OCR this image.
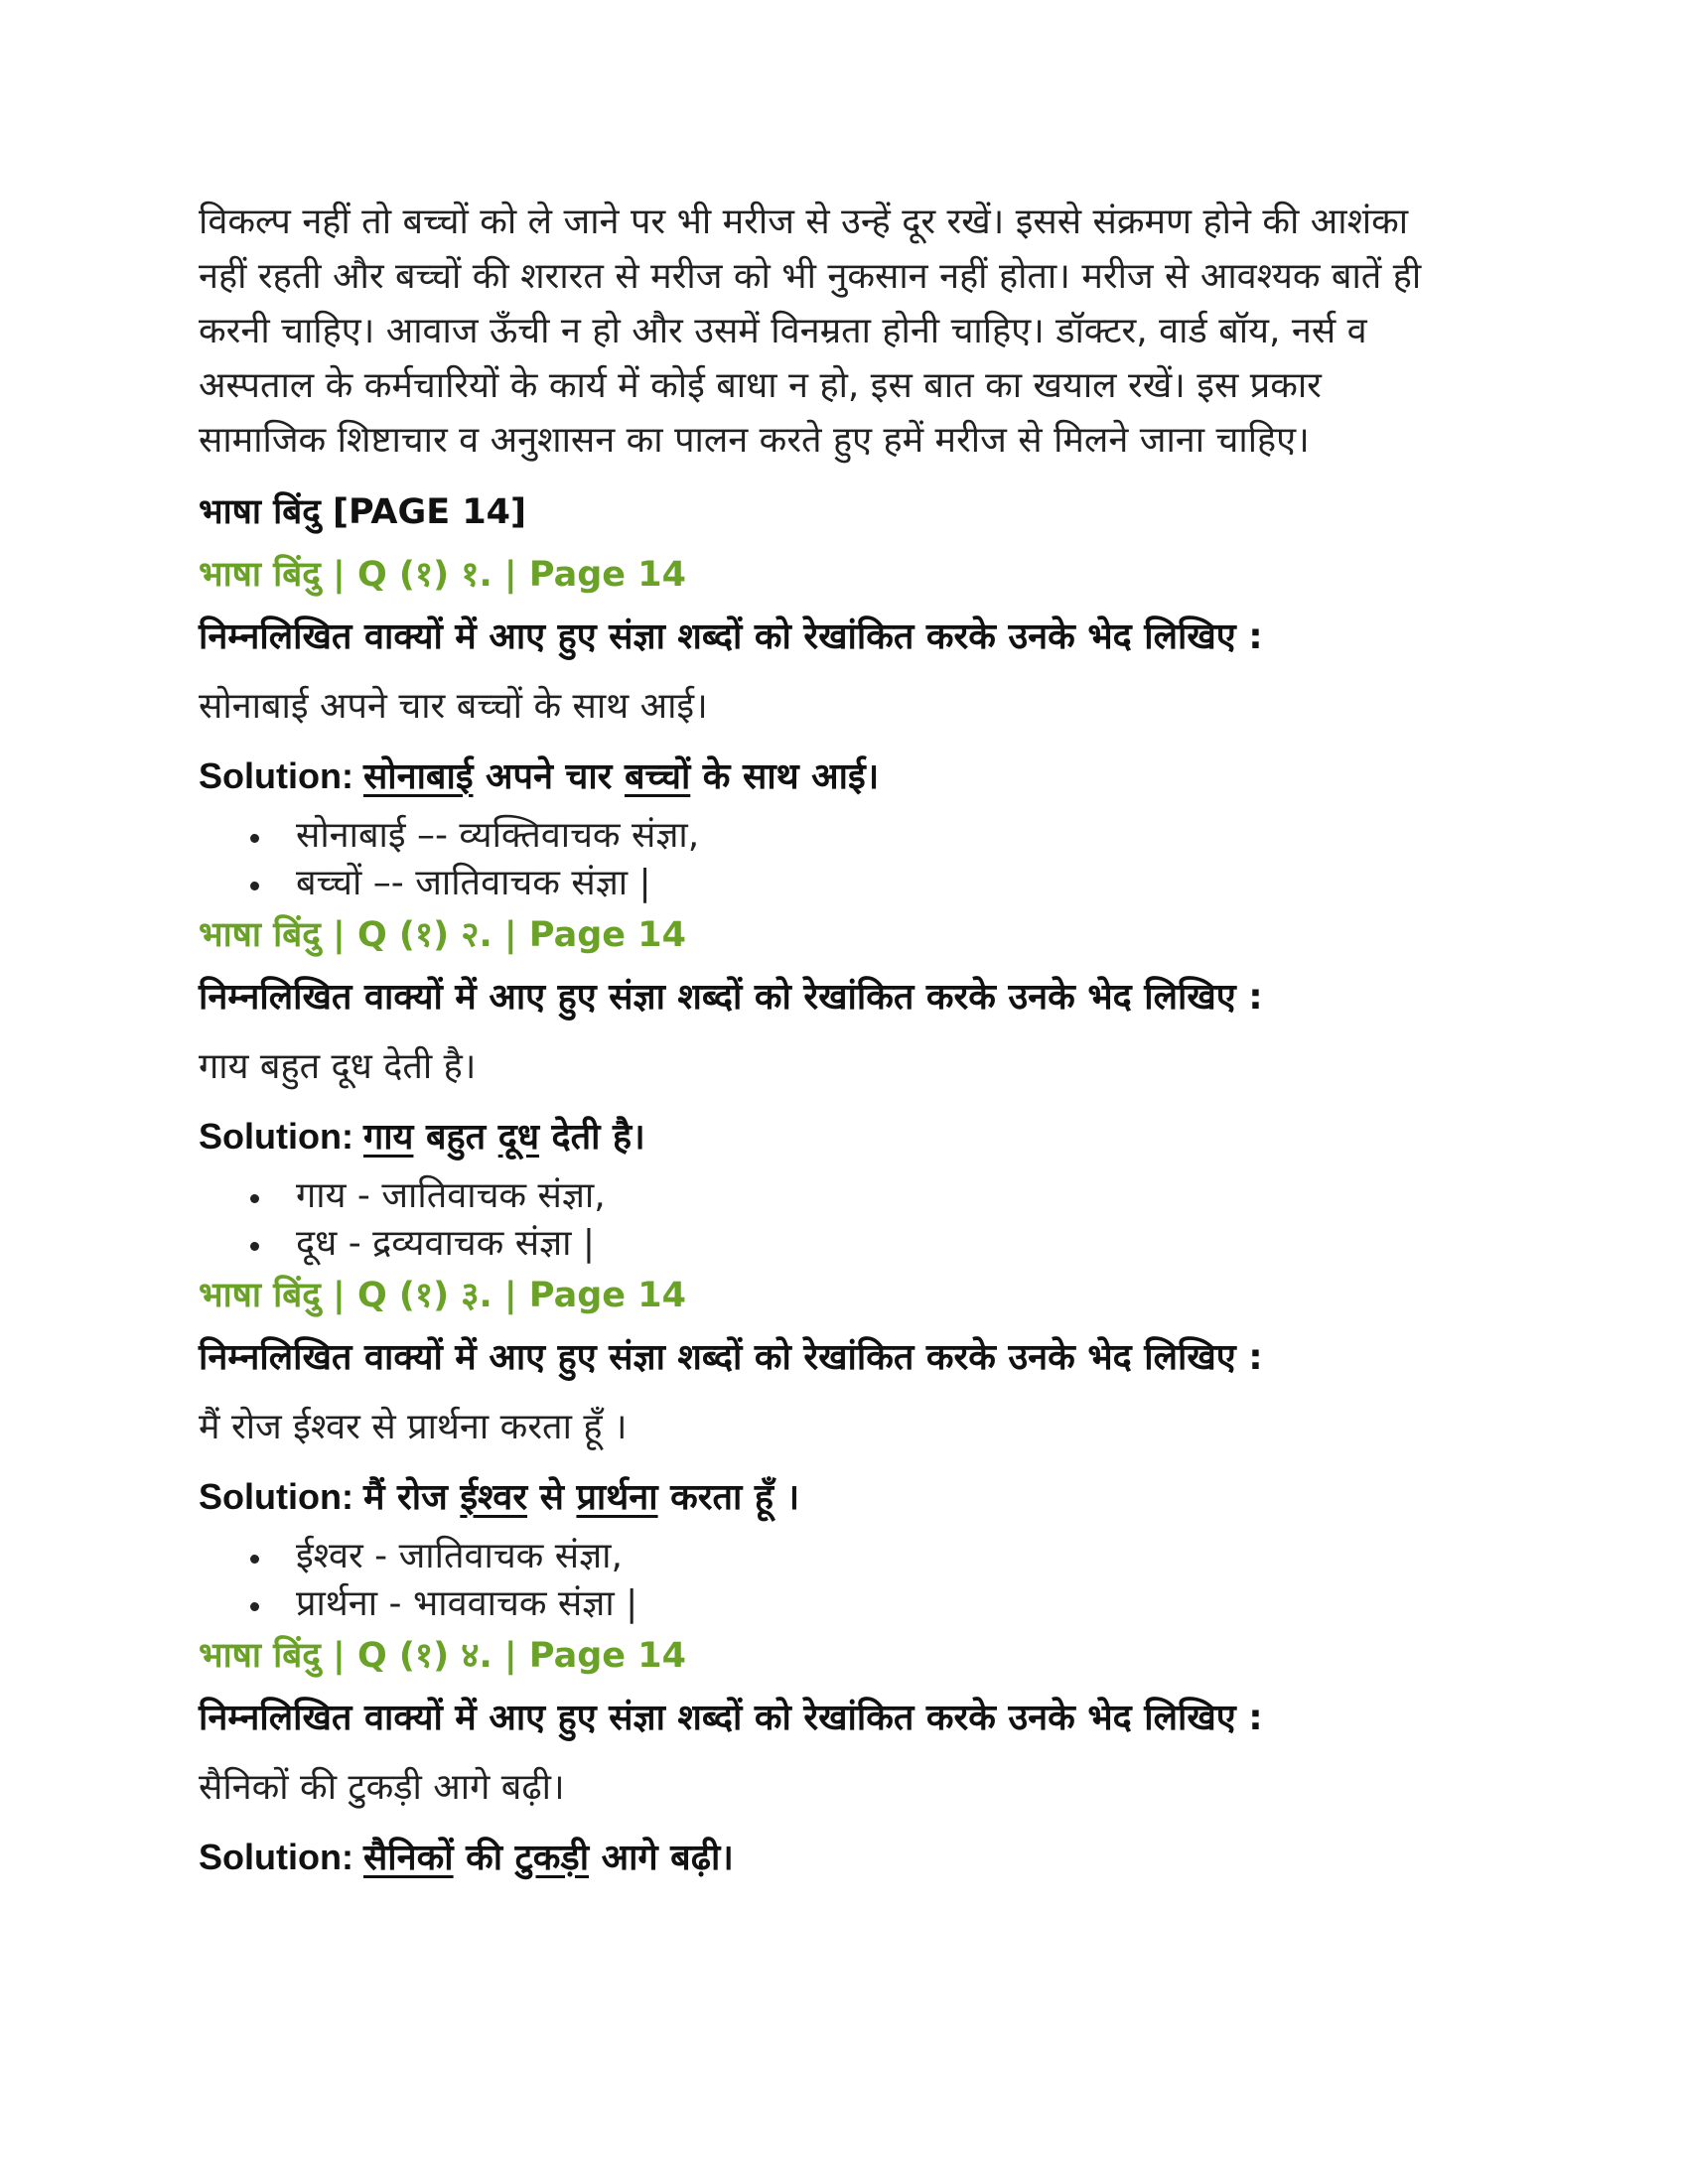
विकल्प नहीं तो बच्चों को ले जाने पर भी मरीज से उन्हें दूर रखें। इससे संक्रमण होने की आशंका

नहीं रहती और बच्चों की शरारत से मरीज को भी नुकसान नहीं होता। मरीज से आवश्यक बातें ही

करनी चाहिए। आवाज ऊँची न हो और उसमें विनम्रता होनी चाहिए। डॉक्टर, वार्ड बॉय, नर्स व

अस्पताल के कर्मचारियों के कार्य में कोई बाधा न हो, इस बात का खयाल रखें। इस प्रकार

सामाजिक शिष्टाचार व अनुशासन का पालन करते हुए हमें मरीज से मिलने जाना चाहिए।

भाषा बिंदु [PAGE 14]

भाषा बिंदु | Q (१) १. | Page 14

निम्नलिखित वाक्यों में आए हुए संज्ञा शब्दों को रेखांकित करके उनके भेद लिखिए :

सोनाबाई अपने चार बच्चों के साथ आई।

Solution: सोनाबाई अपने चार बच्चों के साथ आई।

सोनाबाई –- व्यक्तिवाचक संज्ञा,
बच्चों –- जातिवाचक संज्ञा |

भाषा बिंदु | Q (१) २. | Page 14

निम्नलिखित वाक्यों में आए हुए संज्ञा शब्दों को रेखांकित करके उनके भेद लिखिए :

गाय बहुत दूध देती है।

Solution: गाय बहुत दूध देती है।

गाय - जातिवाचक संज्ञा,
दूध - द्रव्यवाचक संज्ञा |

भाषा बिंदु | Q (१) ३. | Page 14

निम्नलिखित वाक्यों में आए हुए संज्ञा शब्दों को रेखांकित करके उनके भेद लिखिए :

मैं रोज ईश्वर से प्रार्थना करता हूँ ।

Solution: मैं रोज ईश्वर से प्रार्थना करता हूँ ।

ईश्वर - जातिवाचक संज्ञा,
प्रार्थना - भाववाचक संज्ञा |

भाषा बिंदु | Q (१) ४. | Page 14

निम्नलिखित वाक्यों में आए हुए संज्ञा शब्दों को रेखांकित करके उनके भेद लिखिए :

सैनिकों की टुकड़ी आगे बढ़ी।

Solution: सैनिकों की टुकड़ी आगे बढ़ी।
